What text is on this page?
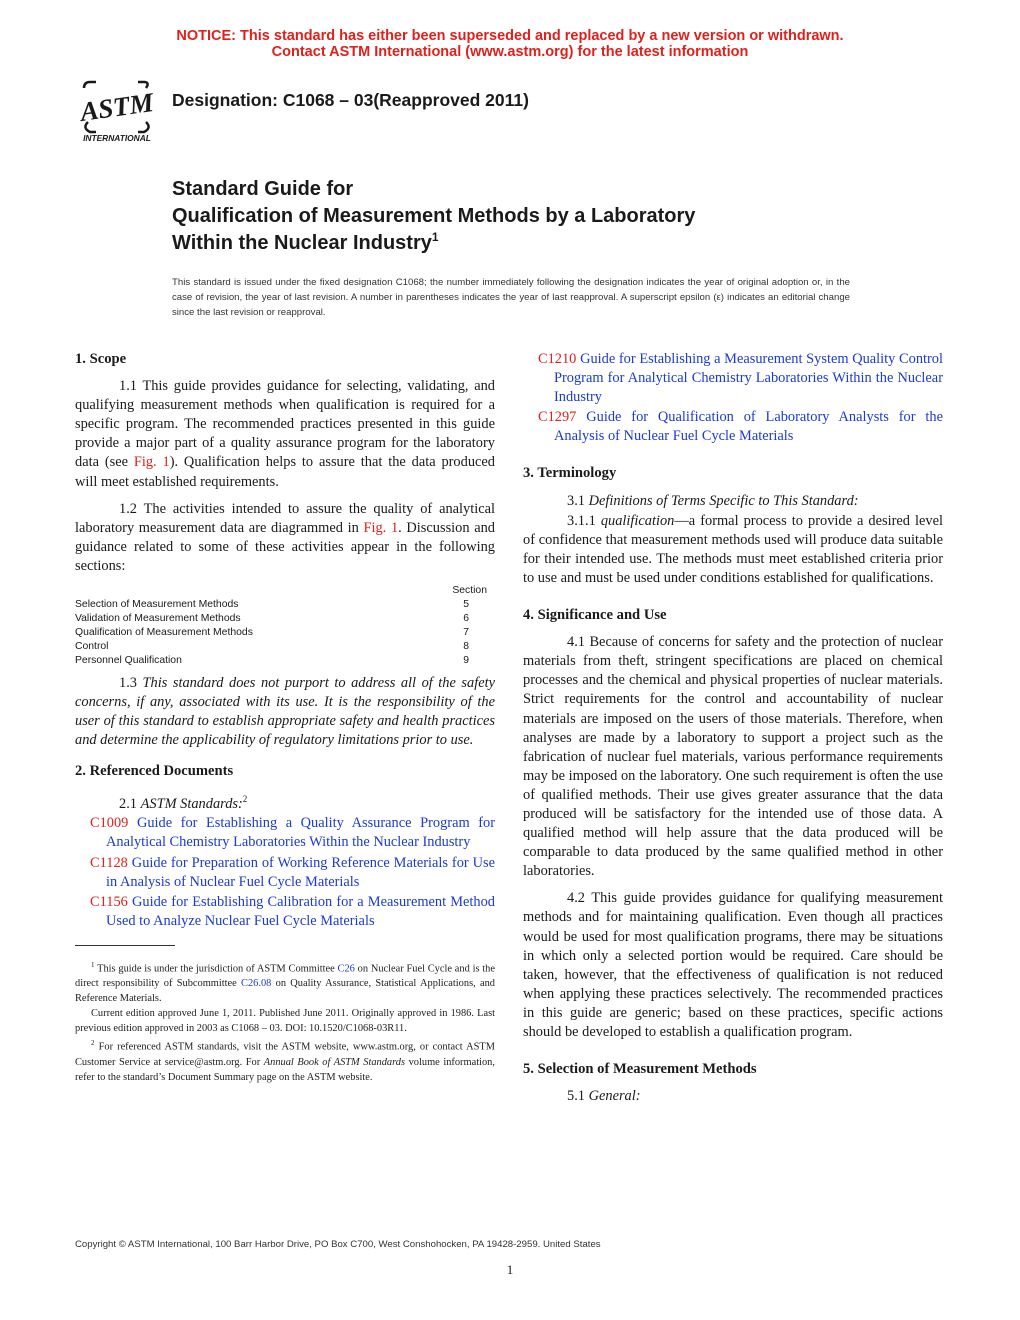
NOTICE: This standard has either been superseded and replaced by a new version or withdrawn.
Contact ASTM International (www.astm.org) for the latest information
ASTM
INTERNATIONAL
Designation: C1068 – 03(Reapproved 2011)
Standard Guide for
Qualification of Measurement Methods by a Laboratory
Within the Nuclear Industry$^1$
This standard is issued under the fixed designation C1068; the number immediately following the designation indicates the year of original adoption or, in the case of revision, the year of last revision. A number in parentheses indicates the year of last reapproval. A superscript epsilon (ε) indicates an editorial change since the last revision or reapproval.
1. Scope
1.1 This guide provides guidance for selecting, validating, and qualifying measurement methods when qualification is required for a specific program. The recommended practices presented in this guide provide a major part of a quality assurance program for the laboratory data (see Fig. 1). Qualification helps to assure that the data produced will meet established requirements.
1.2 The activities intended to assure the quality of analytical laboratory measurement data are diagrammed in Fig. 1. Discussion and guidance related to some of these activities appear in the following sections:
Section
Selection of Measurement Methods	5
Validation of Measurement Methods	6
Qualification of Measurement Methods	7
Control	8
Personnel Qualification	9
1.3 This standard does not purport to address all of the safety concerns, if any, associated with its use. It is the responsibility of the user of this standard to establish appropriate safety and health practices and determine the applicability of regulatory limitations prior to use.
2. Referenced Documents
2.1 ASTM Standards:$^2$
C1009 Guide for Establishing a Quality Assurance Program for Analytical Chemistry Laboratories Within the Nuclear Industry
C1128 Guide for Preparation of Working Reference Materials for Use in Analysis of Nuclear Fuel Cycle Materials
C1156 Guide for Establishing Calibration for a Measurement Method Used to Analyze Nuclear Fuel Cycle Materials
$^1$ This guide is under the jurisdiction of ASTM Committee C26 on Nuclear Fuel Cycle and is the direct responsibility of Subcommittee C26.08 on Quality Assurance, Statistical Applications, and Reference Materials.
Current edition approved June 1, 2011. Published June 2011. Originally approved in 1986. Last previous edition approved in 2003 as C1068 – 03. DOI: 10.1520/C1068-03R11.
$^2$ For referenced ASTM standards, visit the ASTM website, www.astm.org, or contact ASTM Customer Service at service@astm.org. For Annual Book of ASTM Standards volume information, refer to the standard’s Document Summary page on the ASTM website.
C1210 Guide for Establishing a Measurement System Quality Control Program for Analytical Chemistry Laboratories Within the Nuclear Industry
C1297 Guide for Qualification of Laboratory Analysts for the Analysis of Nuclear Fuel Cycle Materials
3. Terminology
3.1 Definitions of Terms Specific to This Standard:
3.1.1 qualification—a formal process to provide a desired level of confidence that measurement methods used will produce data suitable for their intended use. The methods must meet established criteria prior to use and must be used under conditions established for qualifications.
4. Significance and Use
4.1 Because of concerns for safety and the protection of nuclear materials from theft, stringent specifications are placed on chemical processes and the chemical and physical properties of nuclear materials. Strict requirements for the control and accountability of nuclear materials are imposed on the users of those materials. Therefore, when analyses are made by a laboratory to support a project such as the fabrication of nuclear fuel materials, various performance requirements may be imposed on the laboratory. One such requirement is often the use of qualified methods. Their use gives greater assurance that the data produced will be satisfactory for the intended use of those data. A qualified method will help assure that the data produced will be comparable to data produced by the same qualified method in other laboratories.
4.2 This guide provides guidance for qualifying measurement methods and for maintaining qualification. Even though all practices would be used for most qualification programs, there may be situations in which only a selected portion would be required. Care should be taken, however, that the effectiveness of qualification is not reduced when applying these practices selectively. The recommended practices in this guide are generic; based on these practices, specific actions should be developed to establish a qualification program.
5. Selection of Measurement Methods
5.1 General:
Copyright © ASTM International, 100 Barr Harbor Drive, PO Box C700, West Conshohocken, PA 19428-2959. United States
1
